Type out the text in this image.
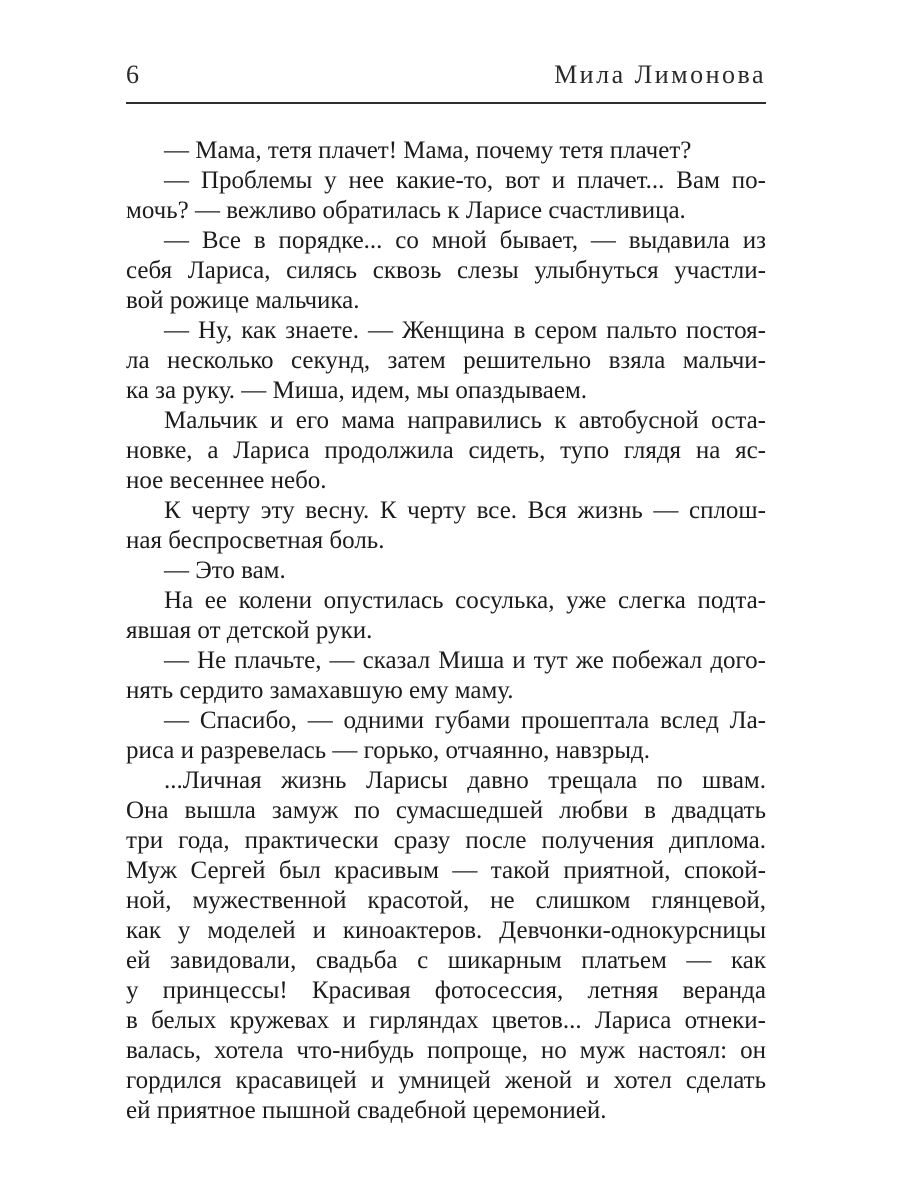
6	Мила Лимонова

— Мама, тетя плачет! Мама, почему тетя плачет?

— Проблемы у нее какие-то, вот и плачет... Вам по-
мочь? — вежливо обратилась к Ларисе счастливица.

— Все в порядке... со мной бывает, — выдавила из
себя Лариса, силясь сквозь слезы улыбнуться участли-
вой рожице мальчика.

— Ну, как знаете. — Женщина в сером пальто постоя-
ла несколько секунд, затем решительно взяла мальчи-
ка за руку. — Миша, идем, мы опаздываем.

Мальчик и его мама направились к автобусной оста-
новке, а Лариса продолжила сидеть, тупо глядя на яс-
ное весеннее небо.

К черту эту весну. К черту все. Вся жизнь — сплош-
ная беспросветная боль.

— Это вам.

На ее колени опустилась сосулька, уже слегка подта-
явшая от детской руки.

— Не плачьте, — сказал Миша и тут же побежал дого-
нять сердито замахавшую ему маму.

— Спасибо, — одними губами прошептала вслед Ла-
риса и разревелась — горько, отчаянно, навзрыд.

...Личная жизнь Ларисы давно трещала по швам.
Она вышла замуж по сумасшедшей любви в двадцать
три года, практически сразу после получения диплома.
Муж Сергей был красивым — такой приятной, спокой-
ной, мужественной красотой, не слишком глянцевой,
как у моделей и киноактеров. Девчонки-однокурсницы
ей завидовали, свадьба с шикарным платьем — как
у принцессы! Красивая фотосессия, летняя веранда
в белых кружевах и гирляндах цветов... Лариса отнеки-
валась, хотела что-нибудь попроще, но муж настоял: он
гордился красавицей и умницей женой и хотел сделать
ей приятное пышной свадебной церемонией.
